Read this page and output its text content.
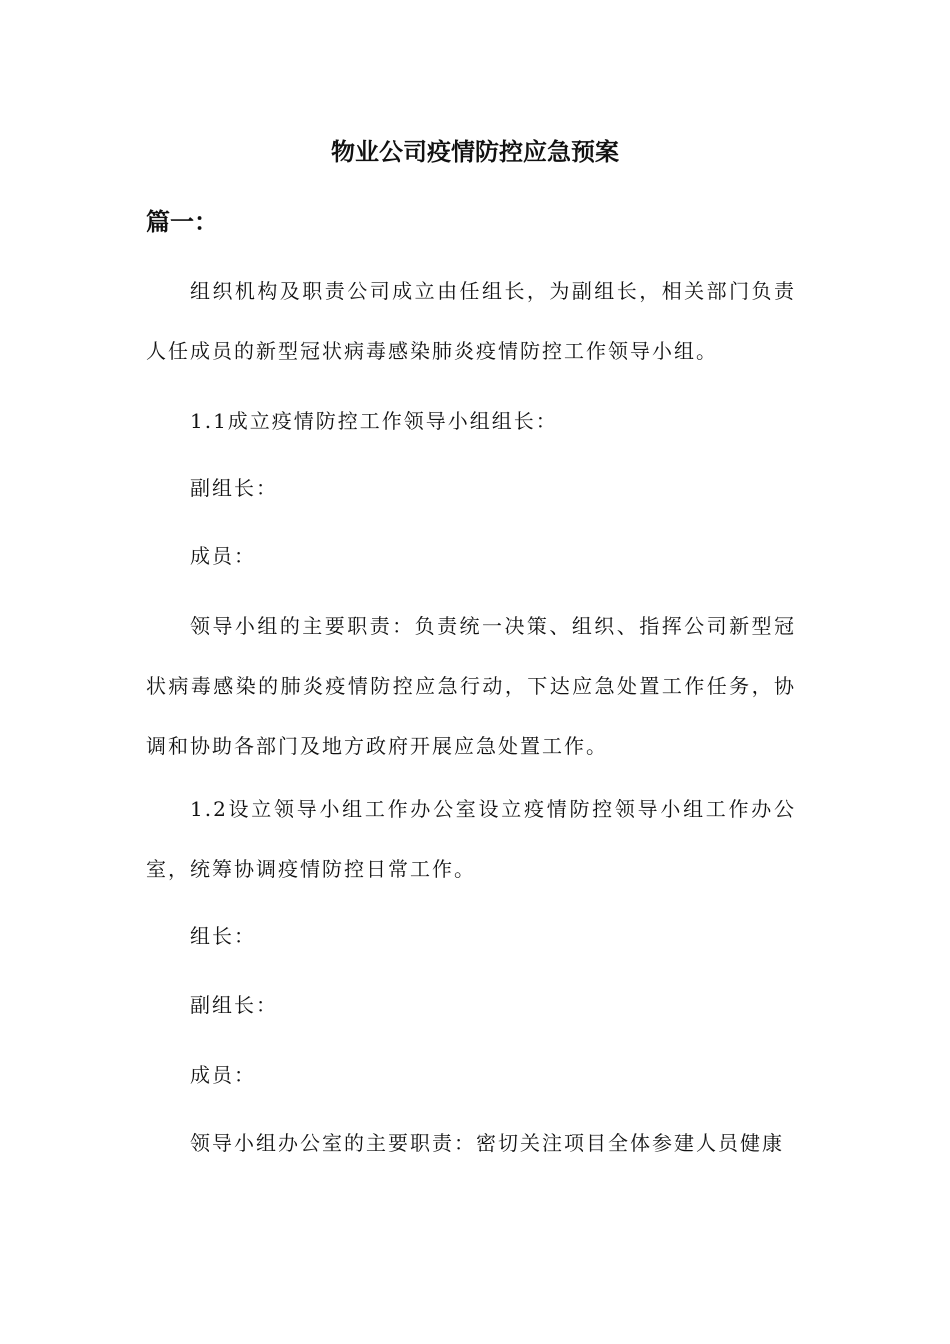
物业公司疫情防控应急预案
篇一：

组织机构及职责公司成立由任组长，为副组长，相关部门负责人任成员的新型冠状病毒感染肺炎疫情防控工作领导小组。

1.1成立疫情防控工作领导小组组长：

副组长：

成员：

领导小组的主要职责：负责统一决策、组织、指挥公司新型冠状病毒感染的肺炎疫情防控应急行动，下达应急处置工作任务，协调和协助各部门及地方政府开展应急处置工作。

1.2设立领导小组工作办公室设立疫情防控领导小组工作办公室，统筹协调疫情防控日常工作。

组长：

副组长：

成员：

领导小组办公室的主要职责：密切关注项目全体参建人员健康
